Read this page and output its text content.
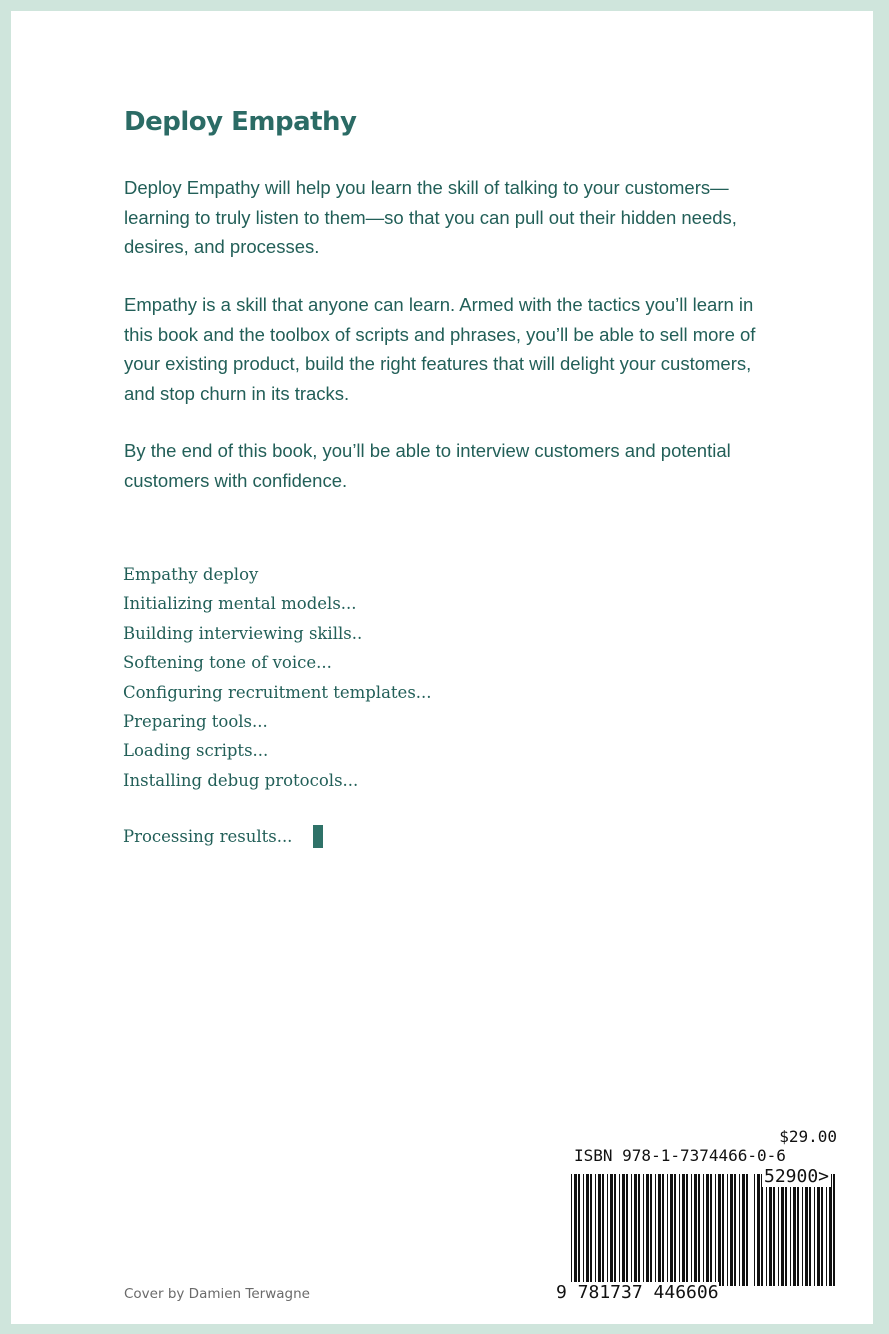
Deploy Empathy

Deploy Empathy will help you learn the skill of talking to your customers—learning to truly listen to them—so that you can pull out their hidden needs, desires, and processes.

Empathy is a skill that anyone can learn. Armed with the tactics you’ll learn in this book and the toolbox of scripts and phrases, you’ll be able to sell more of your existing product, build the right features that will delight your customers, and stop churn in its tracks.

By the end of this book, you’ll be able to interview customers and potential customers with confidence.

Empathy deploy
Initializing mental models...
Building interviewing skills..
Softening tone of voice...
Configuring recruitment templates...
Preparing tools...
Loading scripts...
Installing debug protocols...
Processing results...
Cover by Damien Terwagne
$29.00
ISBN 978-1-7374466-0-6
52900>
9 781737 446606
